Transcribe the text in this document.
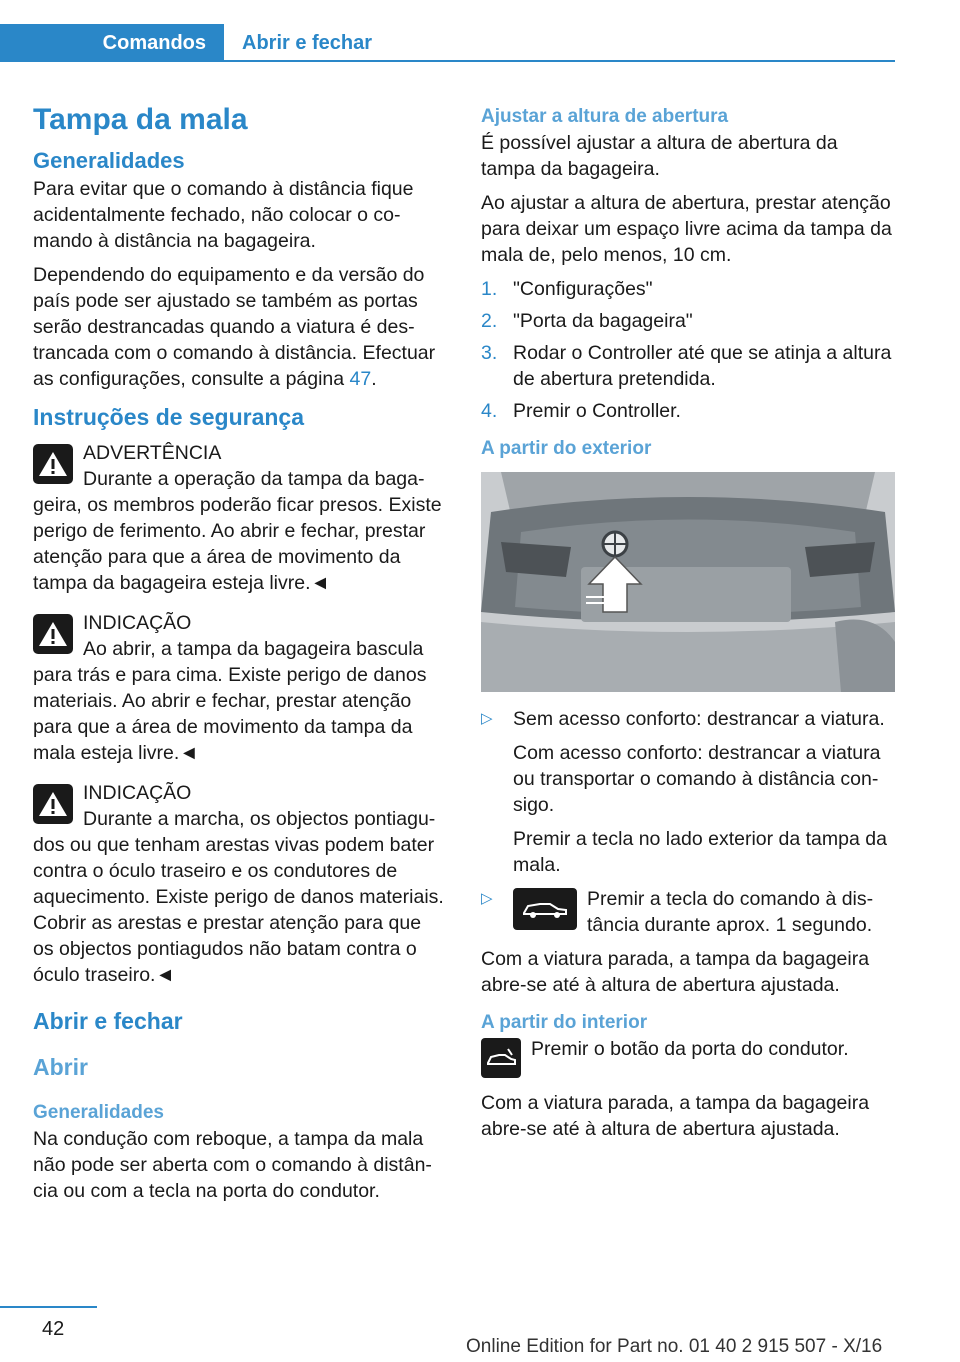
Comandos	Abrir e fechar
Tampa da mala
Generalidades

Para evitar que o comando à distância fique acidentalmente fechado, não colocar o comando à distância na bagageira.

Dependendo do equipamento e da versão do país pode ser ajustado se também as portas serão destrancadas quando a viatura é destrancada com o comando à distância. Efectuar as configurações, consulte a página 47.

Instruções de segurança
ADVERTÊNCIA
Durante a operação da tampa da bagageira, os membros poderão ficar presos. Existe perigo de ferimento. Ao abrir e fechar, prestar atenção para que a área de movimento da tampa da bagageira esteja livre.◄
INDICAÇÃO
Ao abrir, a tampa da bagageira bascula para trás e para cima. Existe perigo de danos materiais. Ao abrir e fechar, prestar atenção para que a área de movimento da tampa da mala esteja livre.◄
INDICAÇÃO
Durante a marcha, os objectos pontiagudos ou que tenham arestas vivas podem bater contra o óculo traseiro e os condutores de aquecimento. Existe perigo de danos materiais. Cobrir as arestas e prestar atenção para que os objectos pontiagudos não batam contra o óculo traseiro.◄
Abrir e fechar
Abrir
Generalidades

Na condução com reboque, a tampa da mala não pode ser aberta com o comando à distância ou com a tecla na porta do condutor.

Ajustar a altura de abertura

É possível ajustar a altura de abertura da tampa da bagageira.

Ao ajustar a altura de abertura, prestar atenção para deixar um espaço livre acima da tampa da mala de, pelo menos, 10 cm.

1. "Configurações"
2. "Porta da bagageira"
3. Rodar o Controller até que se atinja a altura de abertura pretendida.
4. Premir o Controller.
A partir do exterior
▷ Sem acesso conforto: destrancar a viatura.

Com acesso conforto: destrancar a viatura ou transportar o comando à distância consigo.

Premir a tecla no lado exterior da tampa da mala.

▷	Premir a tecla do comando à distância durante aprox. 1 segundo.

Com a viatura parada, a tampa da bagageira abre-se até à altura de abertura ajustada.

A partir do interior
Premir o botão da porta do condutor.

Com a viatura parada, a tampa da bagageira abre-se até à altura de abertura ajustada.

42
Online Edition for Part no. 01 40 2 915 507 - X/16
